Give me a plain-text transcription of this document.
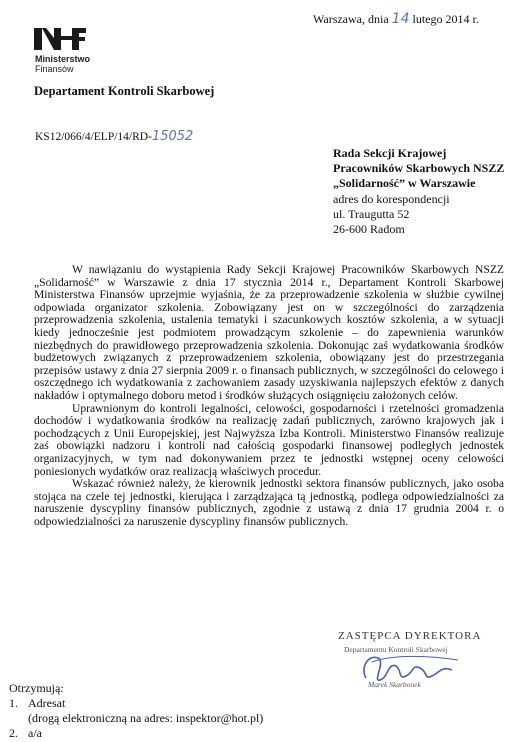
Ministerstwo
Finansów
Warszawa, dnia 14 lutego 2014 r.
Departament Kontroli Skarbowej
KS12/066/4/ELP/14/RD-15052
Rada Sekcji Krajowej
Pracowników Skarbowych NSZZ
„Solidarność” w Warszawie
adres do korespondencji
ul. Traugutta 52
26-600 Radom

W nawiązaniu do wystąpienia Rady Sekcji Krajowej Pracowników Skarbowych NSZZ „Solidarność” w Warszawie z dnia 17 stycznia 2014 r., Departament Kontroli Skarbowej Ministerstwa Finansów uprzejmie wyjaśnia, że za przeprowadzenie szkolenia w służbie cywilnej odpowiada organizator szkolenia. Zobowiązany jest on w szczególności do zarządzenia przeprowadzenia szkolenia, ustalenia tematyki i szacunkowych kosztów szkolenia, a w sytuacji kiedy jednocześnie jest podmiotem prowadzącym szkolenie – do zapewnienia warunków niezbędnych do prawidłowego przeprowadzenia szkolenia. Dokonując zaś wydatkowania środków budżetowych związanych z przeprowadzeniem szkolenia, obowiązany jest do przestrzegania przepisów ustawy z dnia 27 sierpnia 2009 r. o finansach publicznych, w szczególności do celowego i oszczędnego ich wydatkowania z zachowaniem zasady uzyskiwania najlepszych efektów z danych nakładów i optymalnego doboru metod i środków służących osiągnięciu założonych celów.

Uprawnionym do kontroli legalności, celowości, gospodarności i rzetelności gromadzenia dochodów i wydatkowania środków na realizację zadań publicznych, zarówno krajowych jak i pochodzących z Unii Europejskiej, jest Najwyższa Izba Kontroli. Ministerstwo Finansów realizuje zaś obowiązki nadzoru i kontroli nad całością gospodarki finansowej podległych jednostek organizacyjnych, w tym nad dokonywaniem przez te jednostki wstępnej oceny celowości poniesionych wydatków oraz realizacją właściwych procedur.

Wskazać również należy, że kierownik jednostki sektora finansów publicznych, jako osoba stojąca na czele tej jednostki, kierująca i zarządzająca tą jednostką, podlega odpowiedzialności za naruszenie dyscypliny finansów publicznych, zgodnie z ustawą z dnia 17 grudnia 2004 r. o odpowiedzialności za naruszenie dyscypliny finansów publicznych.

ZASTĘPCA DYREKTORA
Departamentu Kontroli Skarbowej
Marek Skarbonek
Otrzymują:
1. Adresat
(drogą elektroniczną na adres: inspektor@hot.pl)
2. a/a
